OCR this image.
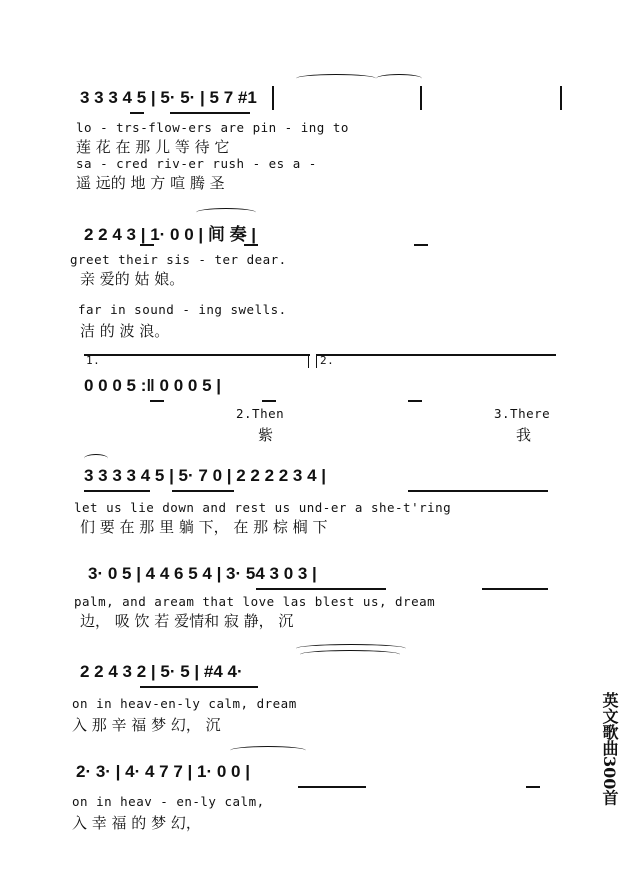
3 3 3 4 5 | 5· 5· | 5 7 #1
lo - trs-flow-ers are pin - ing to
莲 花 在 那 儿 等 待 它
sa - cred riv-er rush - es a -
遥 远的 地 方 喧 腾 圣
2 2 4 3 | 1· 0 0 | 间 奏 |
greet their sis - ter dear.
亲 爱的 姑 娘。
far in sound - ing swells.
洁 的 波 浪。
1.	2.
0 0 0 5 :‖ 0 0 0 5 |
2.Then
紫
3.There
我
3 3 3 3 4 5 | 5· 7 0 | 2 2 2 2 3 4 |
let us lie down and rest us und-er a she-t'ring
们 要 在 那 里 躺 下， 在 那 棕 榈 下
3· 0 5 | 4 4 6 5 4 | 3· 54 3 0 3 |
palm, and aream that love las blest us, dream
边， 吸 饮 若 爱情和 寂 静， 沉
2 2 4 3 2 | 5· 5 | #4 4·
on in heav-en-ly calm, dream
入 那 辛 福 梦 幻， 沉
2· 3· | 4· 4 7 7 | 1· 0 0 |
on in heav - en-ly calm,
入 幸 福 的 梦 幻，
英文歌曲300首
